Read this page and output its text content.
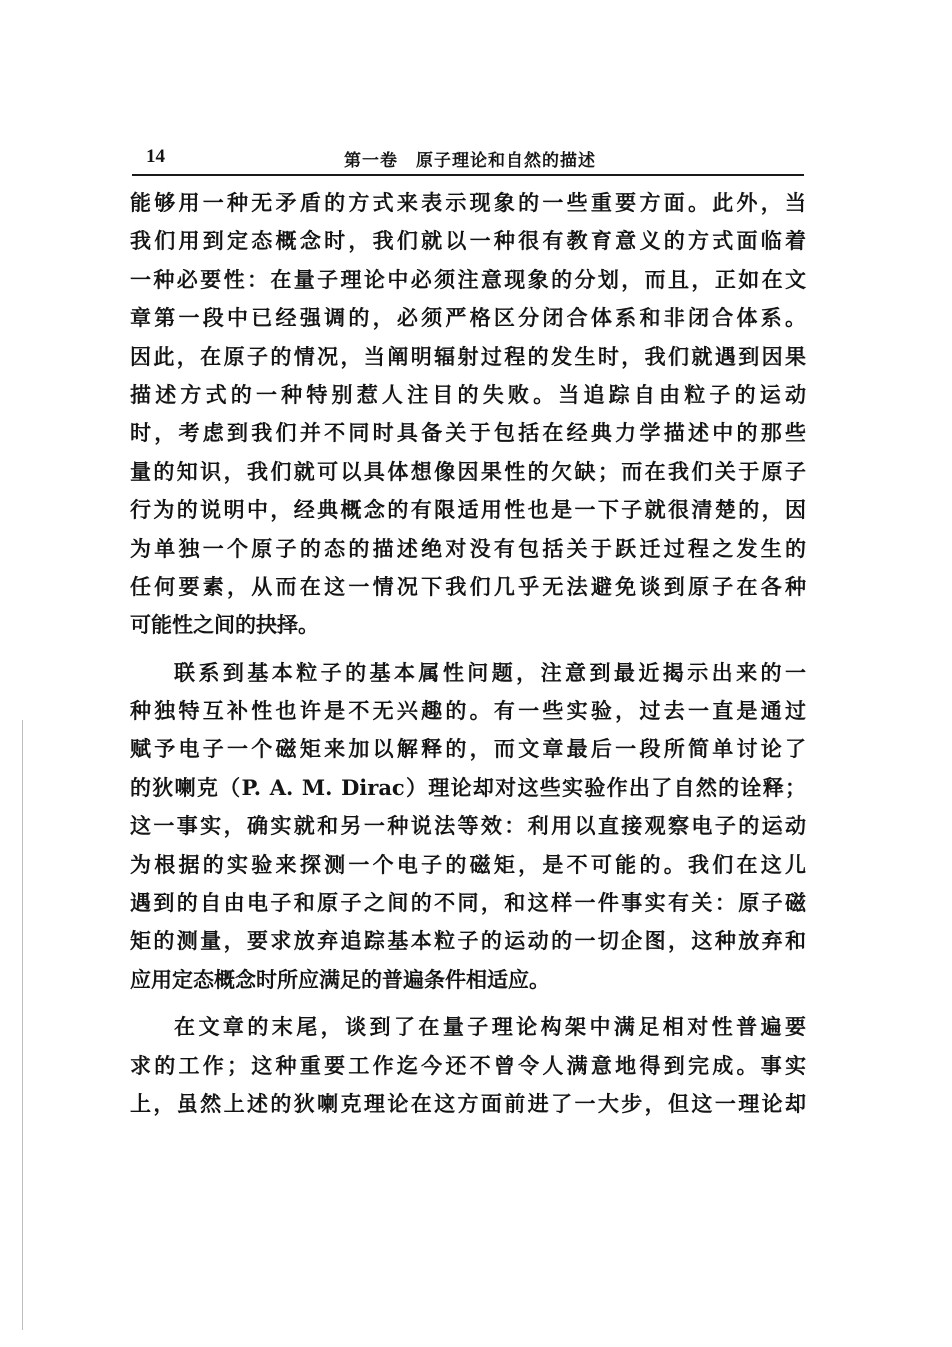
14	第一卷　原子理论和自然的描述
能够用一种无矛盾的方式来表示现象的一些重要方面。此外，当
我们用到定态概念时，我们就以一种很有教育意义的方式面临着
一种必要性：在量子理论中必须注意现象的分划，而且，正如在文
章第一段中已经强调的，必须严格区分闭合体系和非闭合体系。
因此，在原子的情况，当阐明辐射过程的发生时，我们就遇到因果
描述方式的一种特别惹人注目的失败。当追踪自由粒子的运动
时，考虑到我们并不同时具备关于包括在经典力学描述中的那些
量的知识，我们就可以具体想像因果性的欠缺；而在我们关于原子
行为的说明中，经典概念的有限适用性也是一下子就很清楚的，因
为单独一个原子的态的描述绝对没有包括关于跃迁过程之发生的
任何要素，从而在这一情况下我们几乎无法避免谈到原子在各种
可能性之间的抉择。
联系到基本粒子的基本属性问题，注意到最近揭示出来的一
种独特互补性也许是不无兴趣的。有一些实验，过去一直是通过
赋予电子一个磁矩来加以解释的，而文章最后一段所简单讨论了
的狄喇克（P. A. M. Dirac）理论却对这些实验作出了自然的诠释；
这一事实，确实就和另一种说法等效：利用以直接观察电子的运动
为根据的实验来探测一个电子的磁矩，是不可能的。我们在这儿
遇到的自由电子和原子之间的不同，和这样一件事实有关：原子磁
矩的测量，要求放弃追踪基本粒子的运动的一切企图，这种放弃和
应用定态概念时所应满足的普遍条件相适应。
在文章的末尾，谈到了在量子理论构架中满足相对性普遍要
求的工作；这种重要工作迄今还不曾令人满意地得到完成。事实
上，虽然上述的狄喇克理论在这方面前进了一大步，但这一理论却
